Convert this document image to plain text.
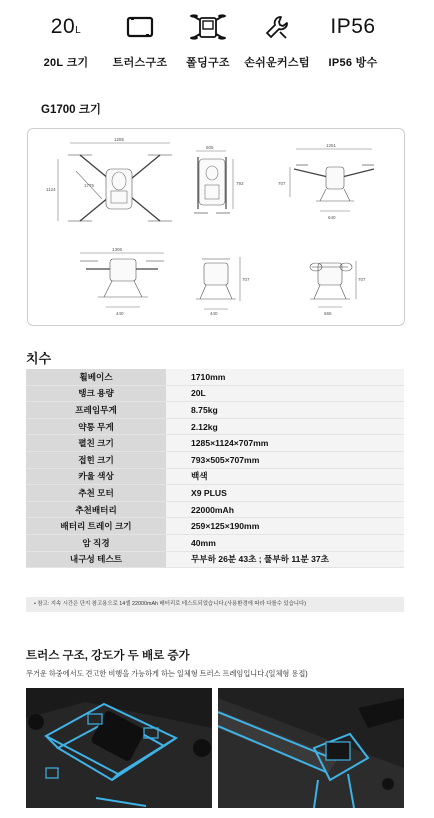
20L
20L 크기	트러스구조	폴딩구조	손쉬운커스텀
IP56
IP56 방수
G1700 크기
1285
1124
1775
505
793
1251
707
640
1306
440
707
440
707
665
치수
휠베이스	1710mm
탱크 용량	20L
프레임무게	8.75kg
약통 무게	2.12kg
펼친 크기	1285×1124×707mm
접힌 크기	793×505×707mm
카울 색상	백색
추천 모터	X9 PLUS
추천배터리	22000mAh
배터리 트레이 크기	259×125×190mm
암 직경	40mm
내구성 테스트	무부하 26분 43초 ; 풀부하 11분 37초
• 참고: 지속 시간은 단지 참고용으로 14셀 22000mAh 배터리로 테스트되었습니다.(사용환경에 따라 다를수 있습니다)
트러스 구조, 강도가 두 배로 증가
무거운 하중에서도 견고한 비행을 가능하게 하는 일체형 트러스 프레임입니다.(일체형 용접)
